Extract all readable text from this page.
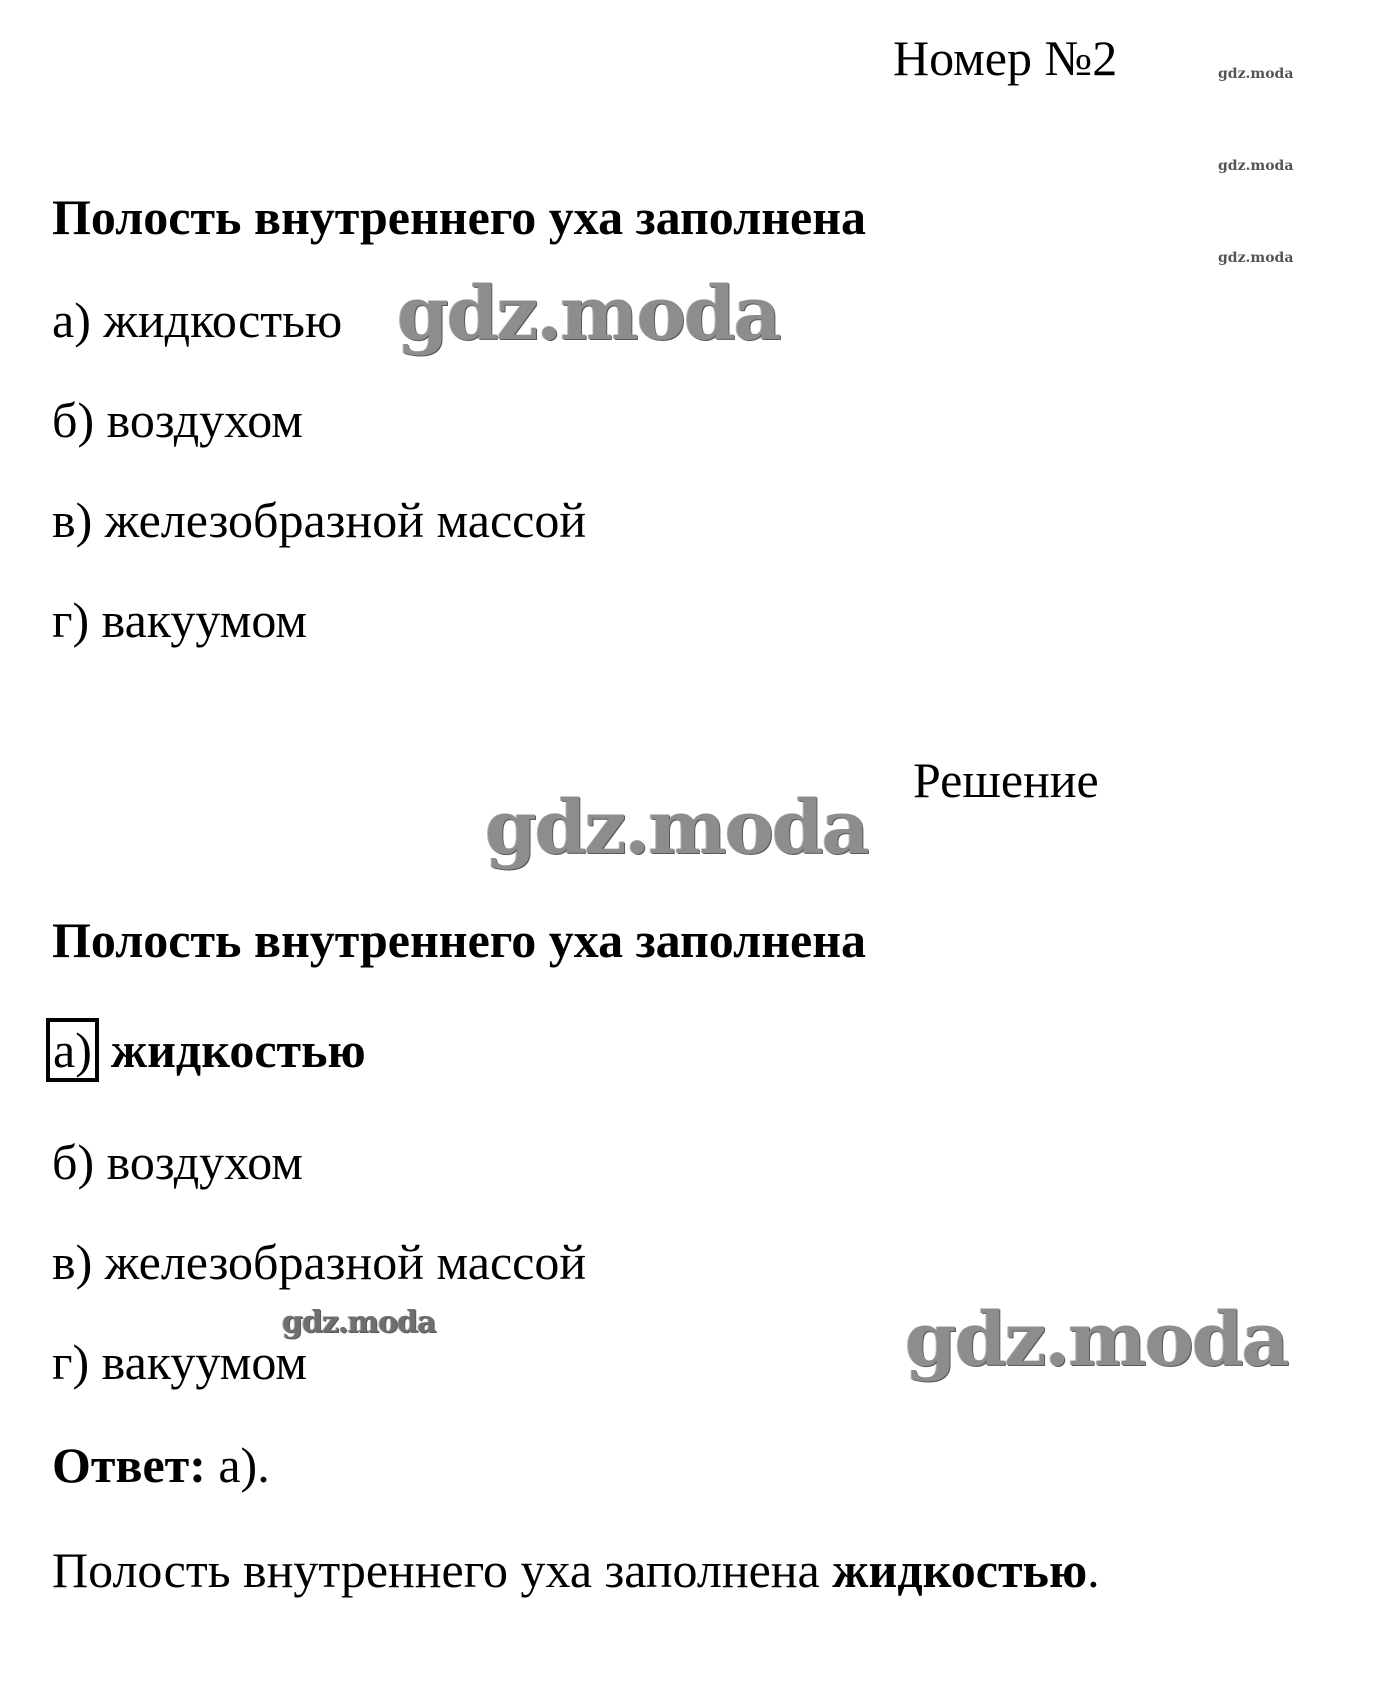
Номер №2	gdz.moda
gdz.moda
gdz.moda
Полость внутреннего уха заполнена
а) жидкостью gdz.moda
б) воздухом
в) железобразной массой
г) вакуумом
Решение
gdz.moda
Полость внутреннего уха заполнена
а) жидкостью
б) воздухом
в) железобразной массой
gdz.moda
г) вакуумом	gdz.moda
Ответ: а).
Полость внутреннего уха заполнена жидкостью.
